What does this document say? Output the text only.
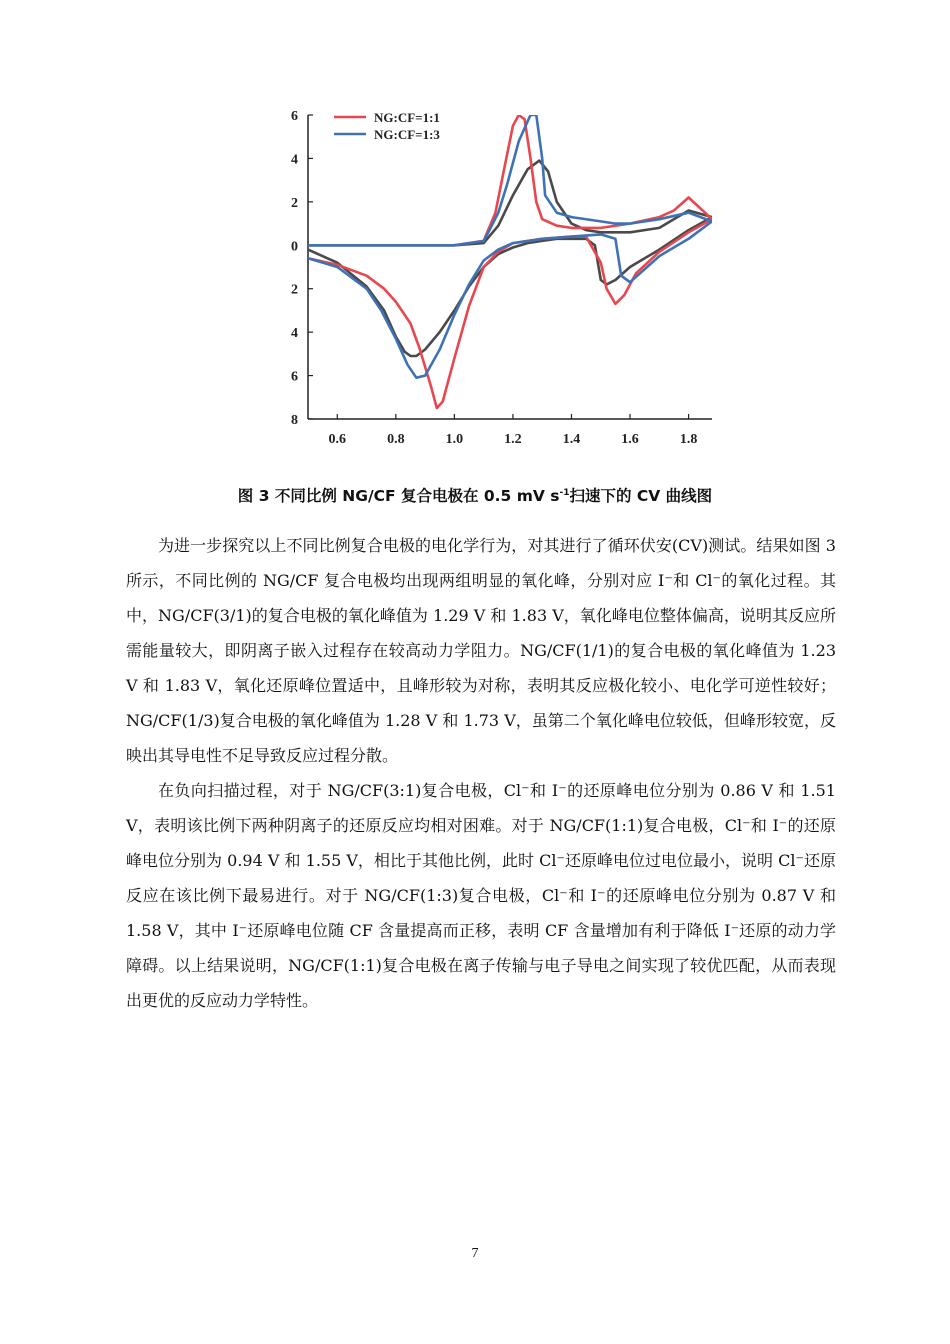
6
4
2
0
2
4
6
8
0.6	0.8	1.0	1.2	1.4	1.6	1.8
NG:CF=1:1
NG:CF=1:3
图 3 不同比例 NG/CF 复合电极在 0.5 mV $s^{-1}$扫速下的 CV 曲线图

为进一步探究以上不同比例复合电极的电化学行为，对其进行了循环伏安(CV)测试。结果如图 3 所示，不同比例的 NG/CF 复合电极均出现两组明显的氧化峰，分别对应 I⁻和 Cl⁻的氧化过程。其中，NG/CF(3/1)的复合电极的氧化峰值为 1.29 V 和 1.83 V，氧化峰电位整体偏高，说明其反应所需能量较大，即阴离子嵌入过程存在较高动力学阻力。NG/CF(1/1)的复合电极的氧化峰值为 1.23 V 和 1.83 V，氧化还原峰位置适中，且峰形较为对称，表明其反应极化较小、电化学可逆性较好；NG/CF(1/3)复合电极的氧化峰值为 1.28 V 和 1.73 V，虽第二个氧化峰电位较低，但峰形较宽，反映出其导电性不足导致反应过程分散。

在负向扫描过程，对于 NG/CF(3:1)复合电极，Cl⁻和 I⁻的还原峰电位分别为 0.86 V 和 1.51 V，表明该比例下两种阴离子的还原反应均相对困难。对于 NG/CF(1:1)复合电极，Cl⁻和 I⁻的还原峰电位分别为 0.94 V 和 1.55 V，相比于其他比例，此时 Cl⁻还原峰电位过电位最小，说明 Cl⁻还原反应在该比例下最易进行。对于 NG/CF(1:3)复合电极，Cl⁻和 I⁻的还原峰电位分别为 0.87 V 和 1.58 V，其中 I⁻还原峰电位随 CF 含量提高而正移，表明 CF 含量增加有利于降低 I⁻还原的动力学障碍。以上结果说明，NG/CF(1:1)复合电极在离子传输与电子导电之间实现了较优匹配，从而表现出更优的反应动力学特性。

7
